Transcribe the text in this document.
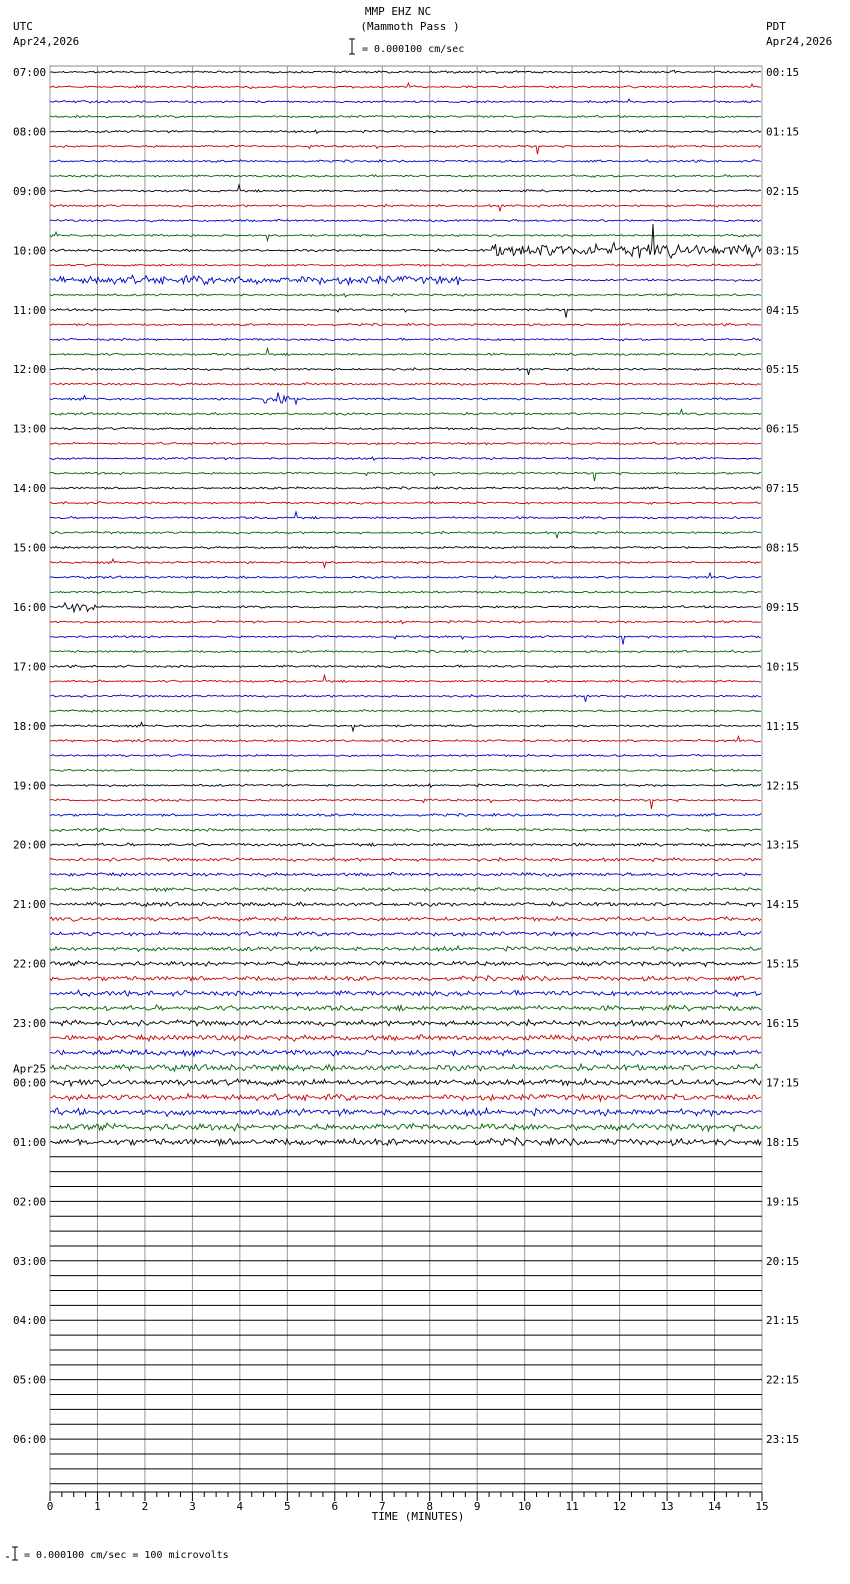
MMP EHZ NC
(Mammoth Pass )
= 0.000100 cm/sec
UTC
Apr24,2026
PDT
Apr24,2026
07:00
08:00
09:00
10:00
11:00
12:00
13:00
14:00
15:00
16:00
17:00
18:00
19:00
20:00
21:00
22:00
23:00
00:00
Apr25
01:00
02:00
03:00
04:00
05:00
06:00
00:15
01:15
02:15
03:15
04:15
05:15
06:15
07:15
08:15
09:15
10:15
11:15
12:15
13:15
14:15
15:15
16:15
17:15
18:15
19:15
20:15
21:15
22:15
23:15
0	1	2	3	4	5	6	7	8	9	10	11	12	13	14	15
TIME (MINUTES)
= 0.000100 cm/sec = 100 microvolts
